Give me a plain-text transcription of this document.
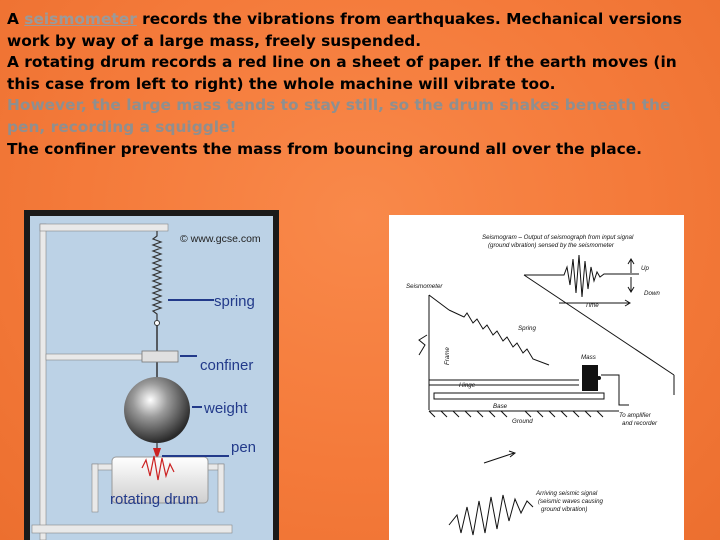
A seismometer records the vibrations from earthquakes. Mechanical versions work by way of a large mass, freely suspended.

A rotating drum records a red line on a sheet of paper. If the earth moves (in this case from left to right) the whole machine will vibrate too.

However, the large mass tends to stay still, so the drum shakes beneath the pen, recording a squiggle!

The confiner prevents the mass from bouncing around all over the place.

© www.gcse.com
spring
confiner
weight
pen
rotating drum
Seismogram – Output of seismograph from input signal
(ground vibration) sensed by the seismometer
Up
Down
Time
Seismometer
Spring
Mass
Hinge
Base
Ground
To amplifier
and recorder
Arriving seismic signal
(seismic waves causing
ground vibration)
Frame
